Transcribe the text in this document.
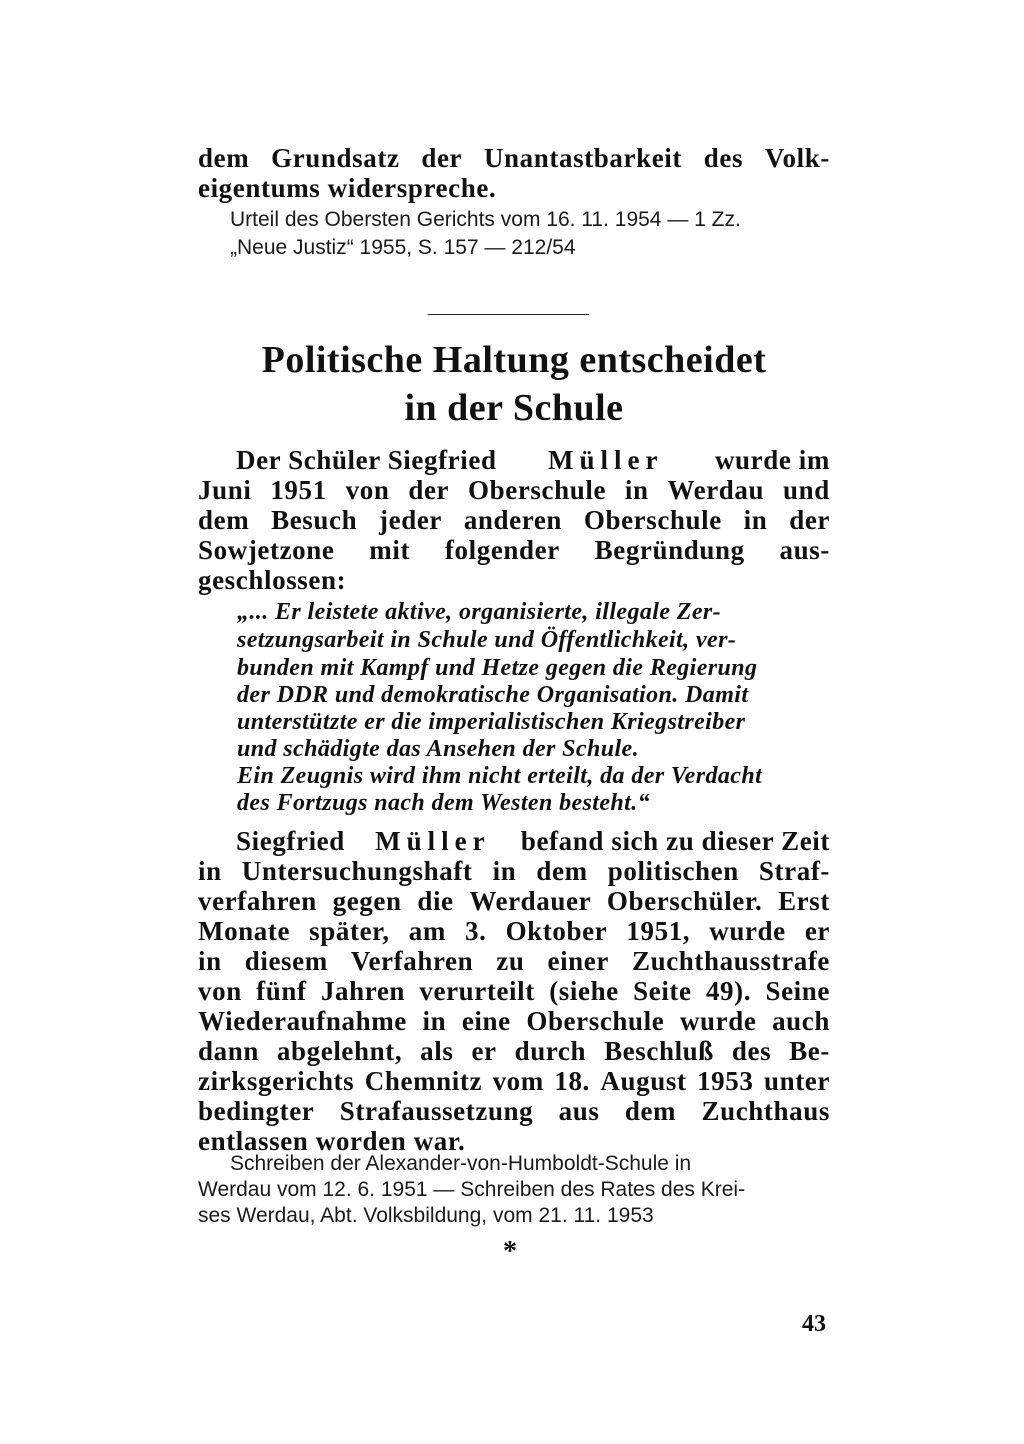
dem Grundsatz der Unantastbarkeit des Volk-
eigentums widerspreche.
Urteil des Obersten Gerichts vom 16. 11. 1954 — 1 Zz.
„Neue Justiz“ 1955, S. 157 — 212/54
Politische Haltung entscheidet
in der Schule
Der Schüler Siegfried Müller wurde im
Juni 1951 von der Oberschule in Werdau und
dem Besuch jeder anderen Oberschule in der
Sowjetzone mit folgender Begründung aus-
geschlossen:
„... Er leistete aktive, organisierte, illegale Zer-
setzungsarbeit in Schule und Öffentlichkeit, ver-
bunden mit Kampf und Hetze gegen die Regierung
der DDR und demokratische Organisation. Damit
unterstützte er die imperialistischen Kriegstreiber
und schädigte das Ansehen der Schule.
Ein Zeugnis wird ihm nicht erteilt, da der Verdacht
des Fortzugs nach dem Westen besteht.“
Siegfried Müller befand sich zu dieser Zeit
in Untersuchungshaft in dem politischen Straf-
verfahren gegen die Werdauer Oberschüler. Erst
Monate später, am 3. Oktober 1951, wurde er
in diesem Verfahren zu einer Zuchthausstrafe
von fünf Jahren verurteilt (siehe Seite 49). Seine
Wiederaufnahme in eine Oberschule wurde auch
dann abgelehnt, als er durch Beschluß des Be-
zirksgerichts Chemnitz vom 18. August 1953 unter
bedingter Strafaussetzung aus dem Zuchthaus
entlassen worden war.
Schreiben der Alexander-von-Humboldt-Schule in
Werdau vom 12. 6. 1951 — Schreiben des Rates des Krei-
ses Werdau, Abt. Volksbildung, vom 21. 11. 1953
*
43
